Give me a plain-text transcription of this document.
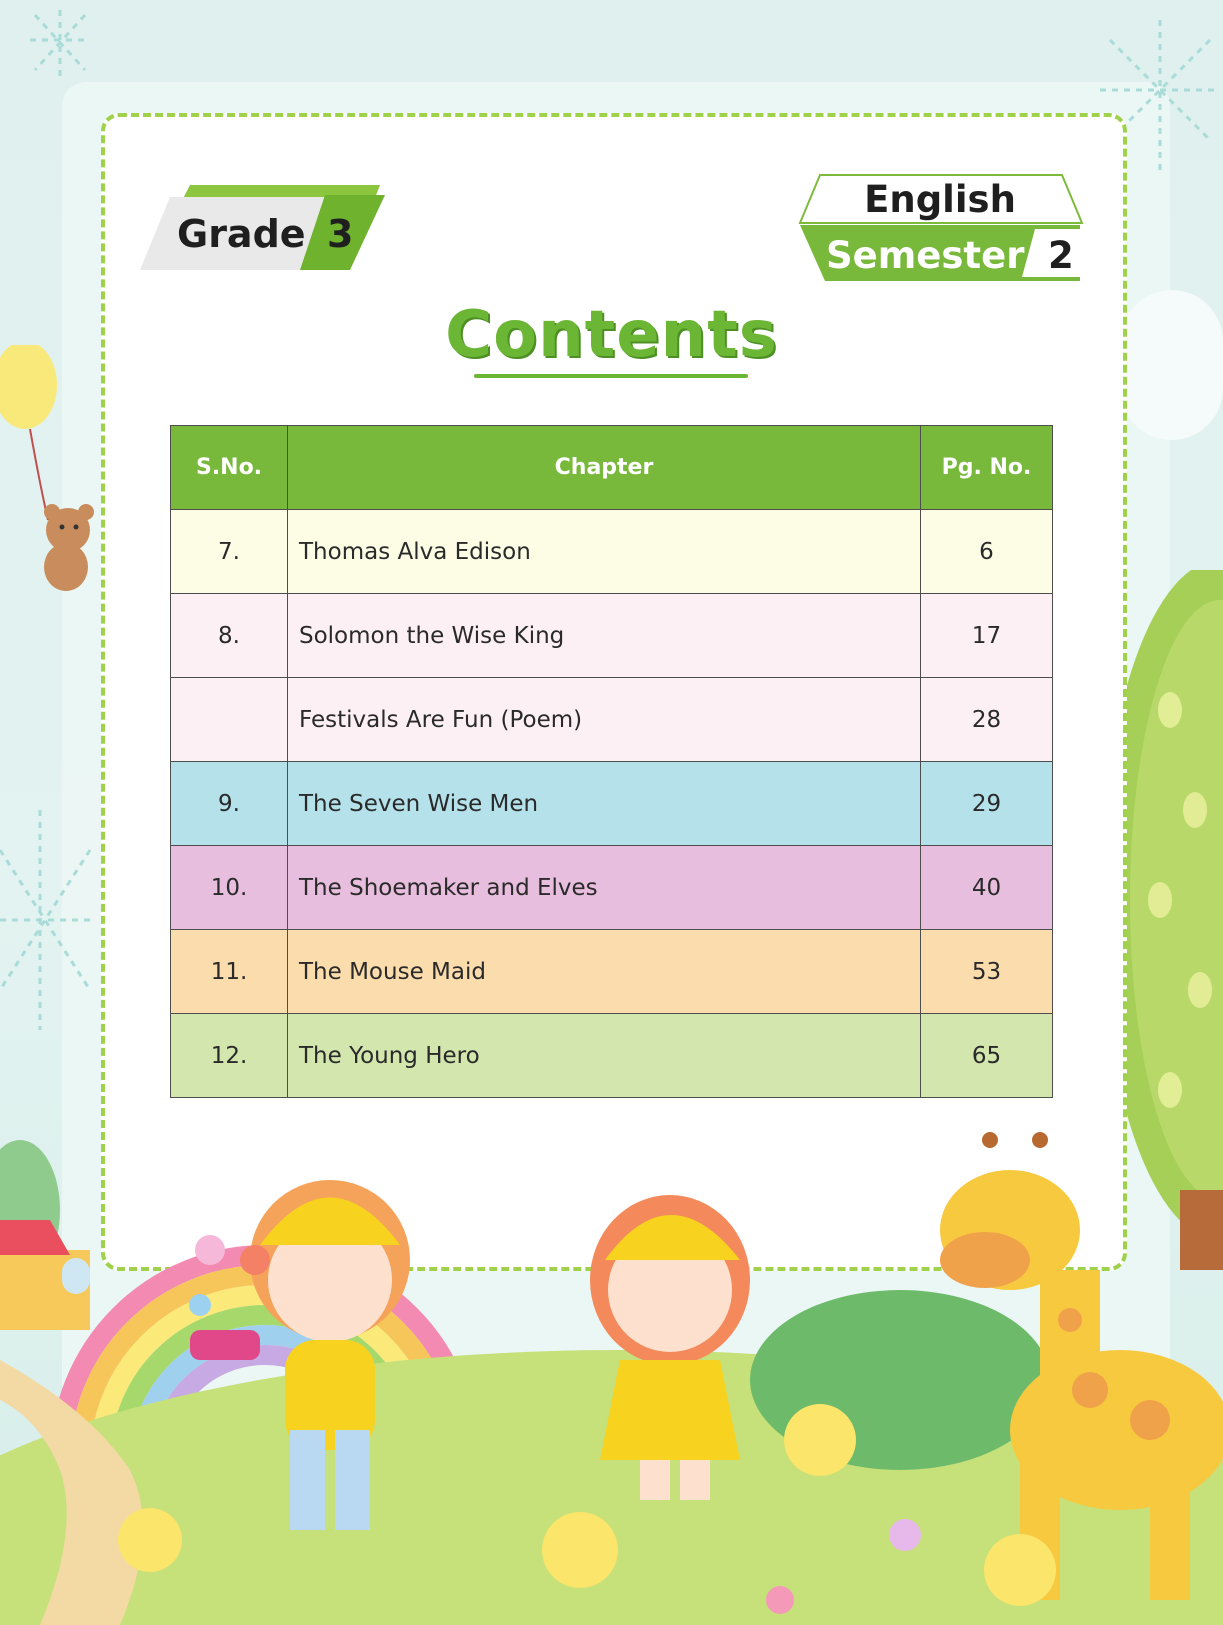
Grade 3
English
Semester 2
Contents
S.No.	Chapter	Pg. No.
7.	Thomas Alva Edison	6
8.	Solomon the Wise King	17
	Festivals Are Fun (Poem)	28
9.	The Seven Wise Men	29
10.	The Shoemaker and Elves	40
11.	The Mouse Maid	53
12.	The Young Hero	65
